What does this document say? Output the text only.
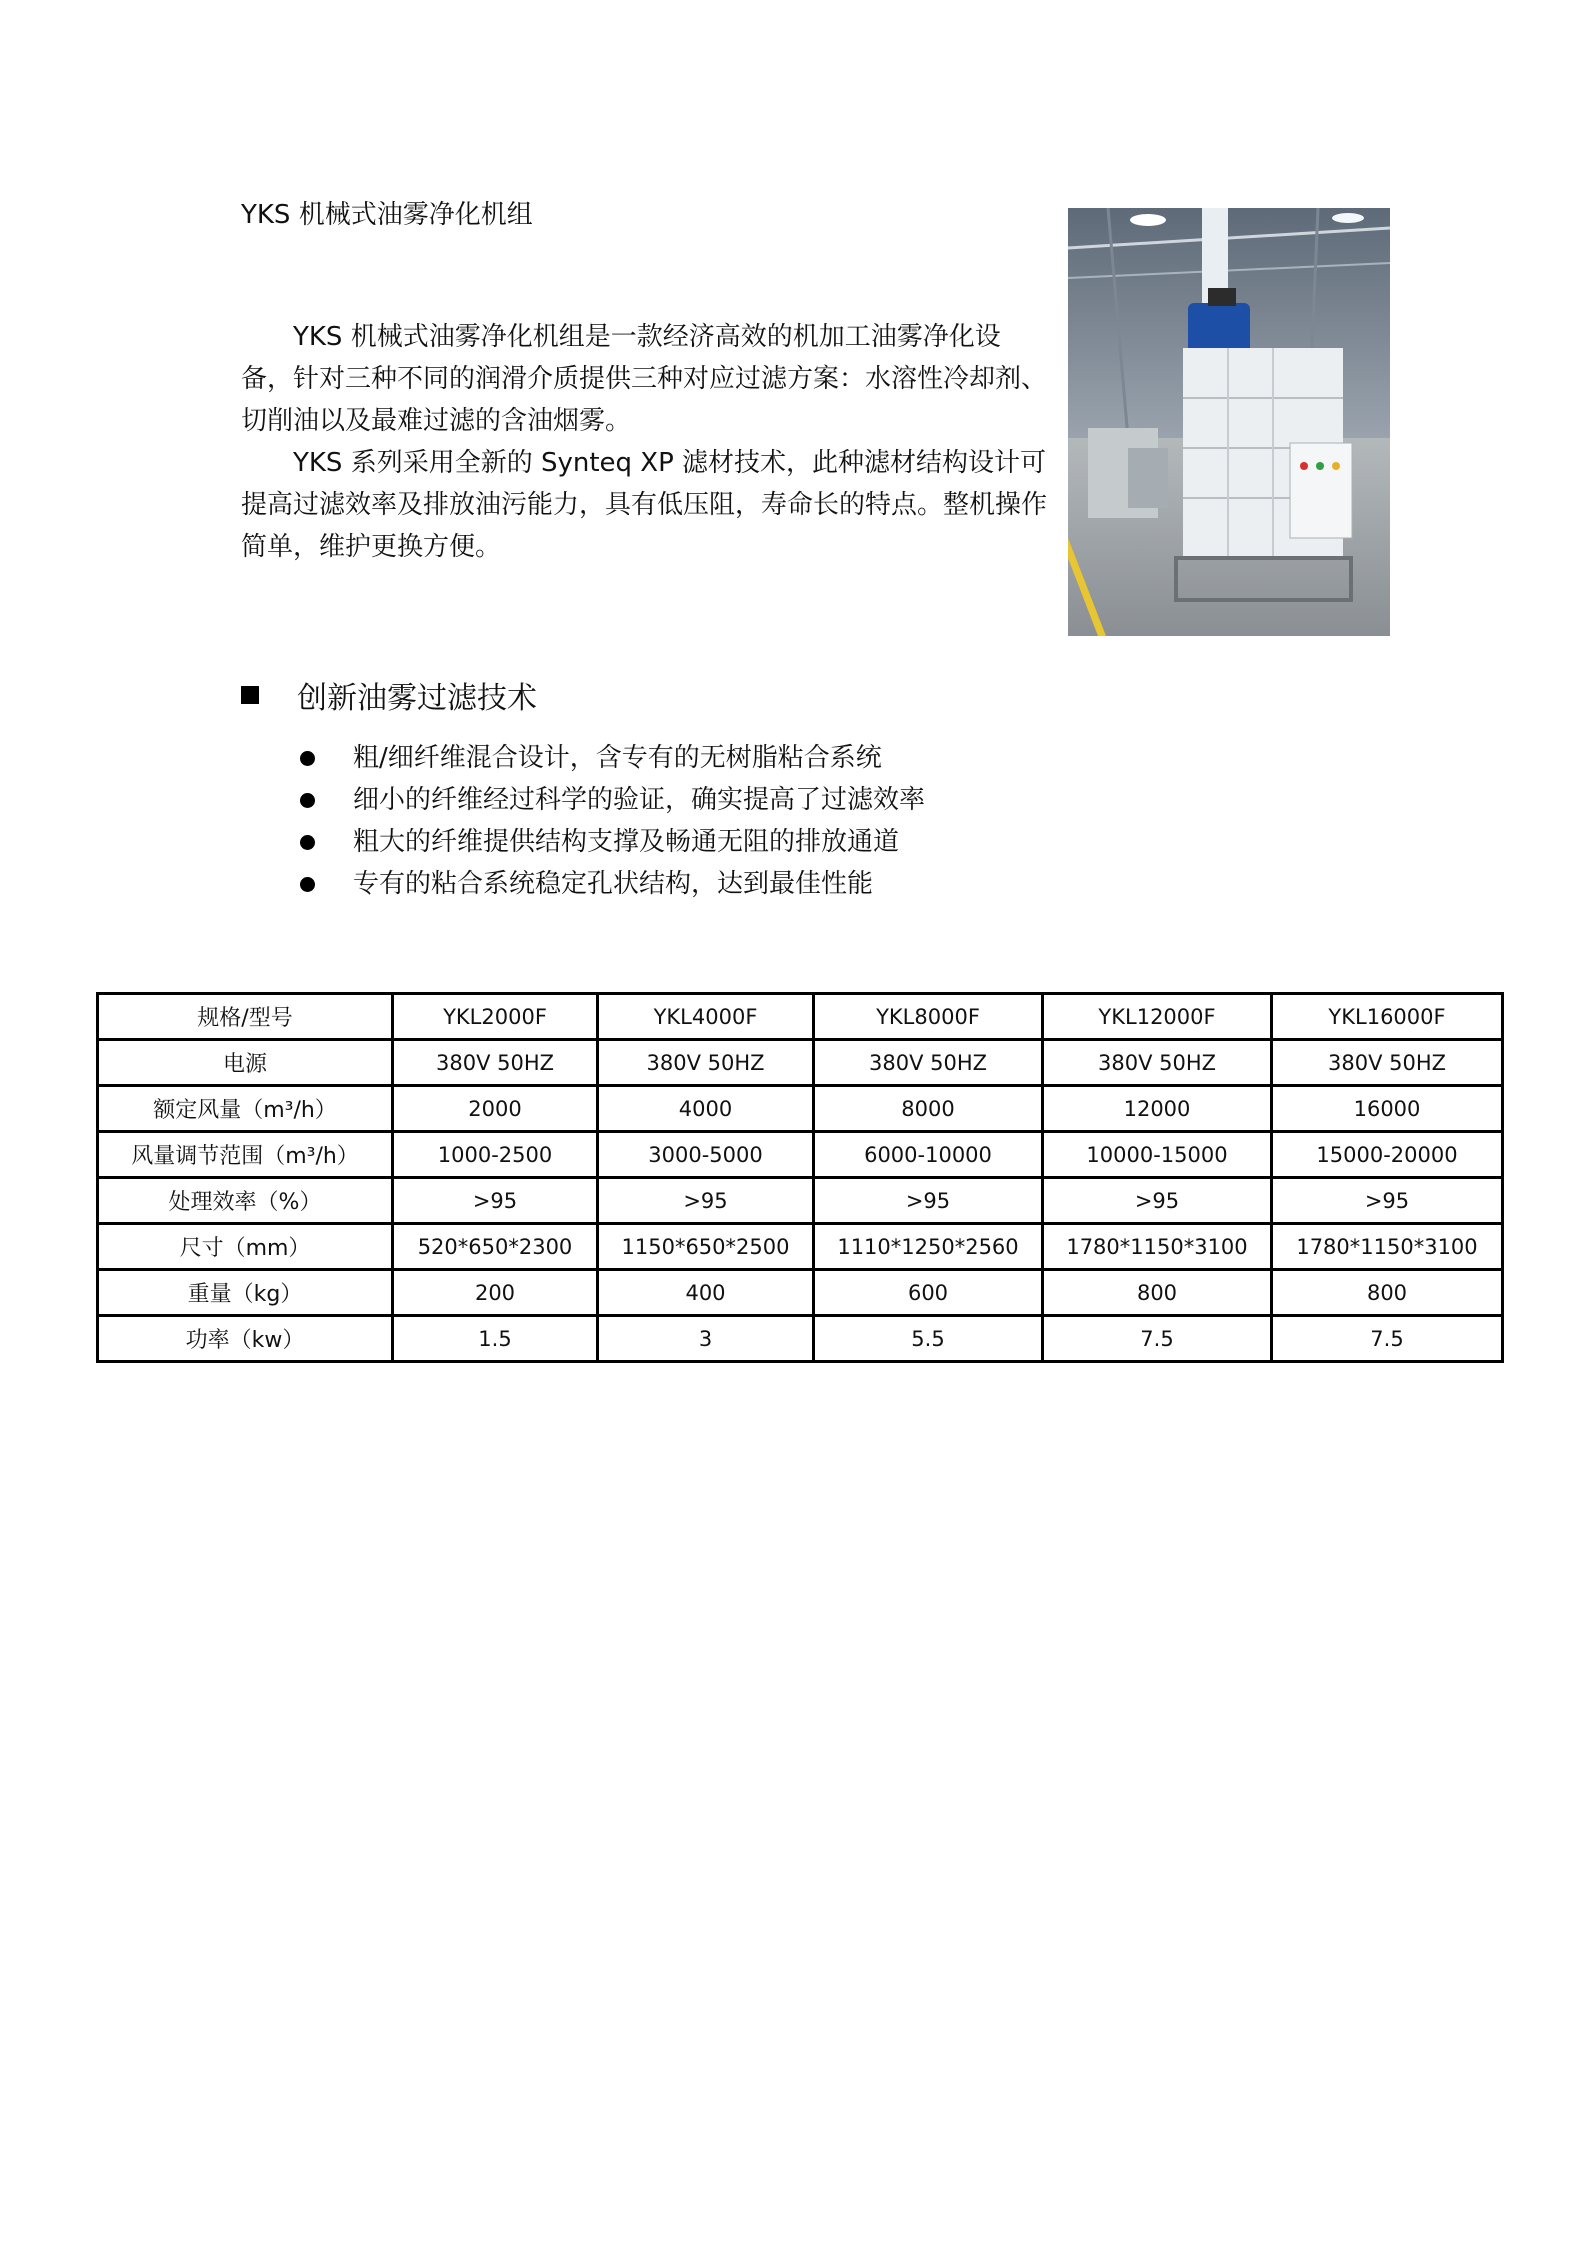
YKS 机械式油雾净化机组

YKS 机械式油雾净化机组是一款经济高效的机加工油雾净化设备，针对三种不同的润滑介质提供三种对应过滤方案：水溶性冷却剂、切削油以及最难过滤的含油烟雾。

YKS 系列采用全新的 Synteq XP 滤材技术，此种滤材结构设计可提高过滤效率及排放油污能力，具有低压阻，寿命长的特点。整机操作简单，维护更换方便。

创新油雾过滤技术
粗/细纤维混合设计，含专有的无树脂粘合系统
细小的纤维经过科学的验证，确实提高了过滤效率
粗大的纤维提供结构支撑及畅通无阻的排放通道
专有的粘合系统稳定孔状结构，达到最佳性能
规格/型号	YKL2000F	YKL4000F	YKL8000F	YKL12000F	YKL16000F
电源	380V 50HZ	380V 50HZ	380V 50HZ	380V 50HZ	380V 50HZ
额定风量（m³/h）	2000	4000	8000	12000	16000
风量调节范围（m³/h）	1000-2500	3000-5000	6000-10000	10000-15000	15000-20000
处理效率（%）	>95	>95	>95	>95	>95
尺寸（mm）	520*650*2300	1150*650*2500	1110*1250*2560	1780*1150*3100	1780*1150*3100
重量（kg）	200	400	600	800	800
功率（kw）	1.5	3	5.5	7.5	7.5
